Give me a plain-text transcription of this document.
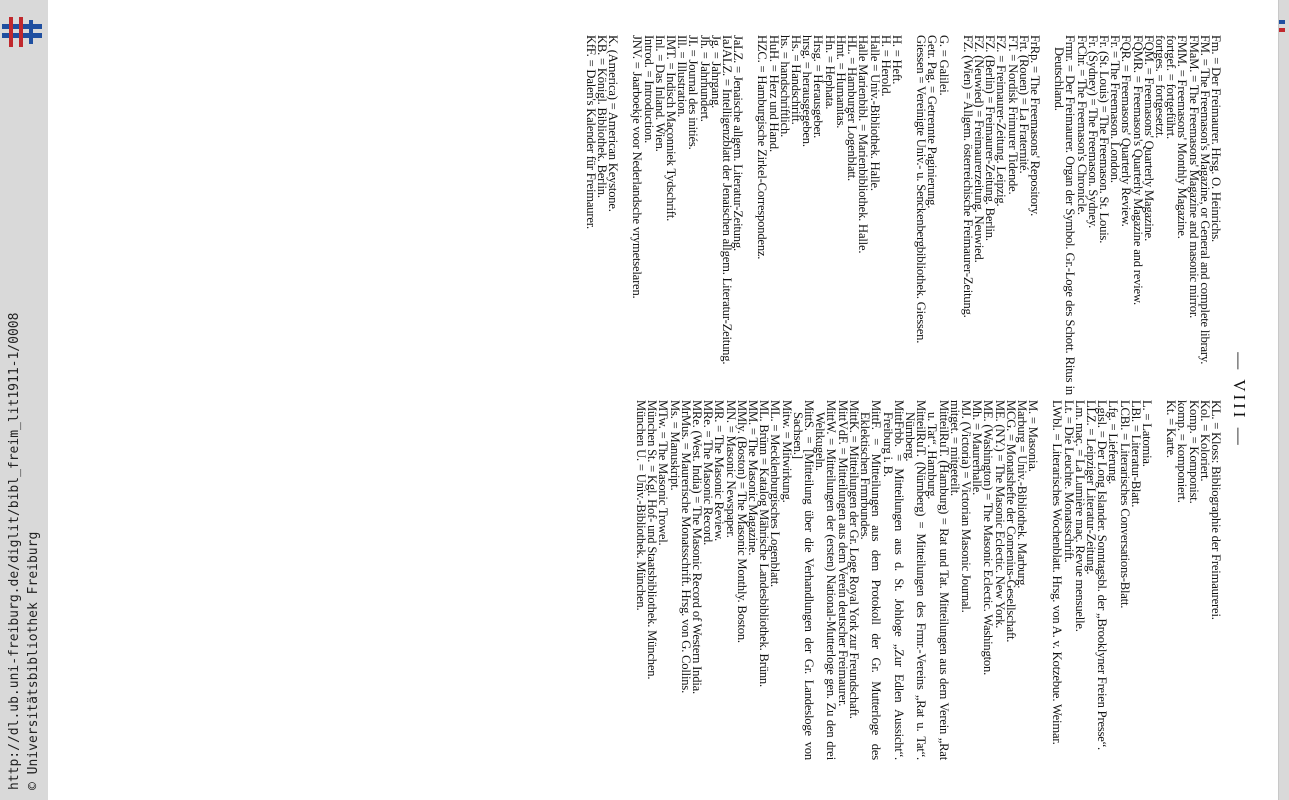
http://dl.ub.uni-freiburg.de/diglit/bibl_freim_lit1911-1/0008 © Universitätsbibliothek Freiburg
— VIII —

Fm. = Der Freimaurer. Hrsg. O. Heinrichs.

FM. = The Freemason's Magazine, or General and complete library.

FMaM. = The Freemasons' Magazine and masonic mirror.

FMM. = Freemasons' Monthly Magazine.

fortgef. = fortgeführt.

fortges. = fortgesetzt.

FQM. = Freemasons' Quarterly Magazine.

FQMR. = Freemason's Quarterly Magazine and review.

FQR. = Freemasons' Quarterly Review.

Fr. = The Freemason. London.

Fr. (St. Louis) = The Freemason. St. Louis.

Fr. (Sydney) = The Freemason. Sydney.

FrChr. = The Freemason's Chronicle.

Frmr. = Der Freimaurer. Organ der Symbol. Gr.-Loge des Schott. Ritus in Deutschland.

FrRp. = The Freemasons' Repository.

Frt. (Rouen) = La Fraternité.

FT. = Nordisk Frimurer Tidende.

FZ. = Freimaurer-Zeitung. Leipzig.

FZ. (Berlin) = Freimaurer-Zeitung. Berlin.

FZ. (Neuwied) = Freimaurerzeitung. Neuwied.

FZ. (Wien) = Allgem. österreichische Freimaurer-Zeitung.

G. = Galilei.

Getr. Pag. = Getrennte Paginierung.

Giessen = Vereinigte Univ.- u. Senckenbergbibliothek. Giessen.

H. = Heft.

H. = Herold.

Halle = Univ.-Bibliothek. Halle.

Halle Marienbibl. = Marienbibliothek. Halle.

HL. = Hamburger Logenblatt.

Hmt. = Humanitas.

Hn. = Hephata.

Hrsg. = Herausgeber.

hrsg. = herausgegeben.

Hs. = Handschrift.

hs. = handschriftlich.

HuH. = Herz und Hand.

HZC. = Hamburgische Zirkel-Correspondenz.

JaLZ. = Jenaische allgem. Literatur-Zeitung.

IaJALZ. = Intelligenzblatt der Jenaischen allgem. Literatur-Zeitung.

Jg. = Jahrgang.

Jh. = Jahrhundert.

JI. = Journal des initiés.

Ill. = Illustration.

IMT. = Indisch Maçonniek Tydschrift.

Inl. = Das Inland. Wien.

Introd. = Introduction.

JNV. = Jaarboekje voor Nederlandsche vrymetselaren.

K. (America) = American Keystone.

KB. = Königl. Bibliothek. Berlin.

KfF. = Dalen's Kalender für Freimaurer.

KL. = Kloss: Bibliographie der Freimaurerei.

Kol. = Koloriert.

Komp. = Komponist.

komp. = komponiert.

Kt. = Karte.

L. = Latomia.

LBl. = Literatur-Blatt.

LCBl. = Literarisches Conversations-Blatt.

Lfg. = Lieferung.

Lgisl. = Der Long Islander. Sonntagsbl. der „Brooklyner Freien Presse“.

LLZ. = Leipziger Literatur-Zeitung.

Lm. maç. = La Lumière maç. Revue mensuelle.

Lt. = Die Leuchte. Monatsschrift.

LWbl. = Literarisches Wochenblatt. Hrsg. von A. v. Kotzebue. Weimar.

M. = Masonia.

Marburg = Univ.-Bibliothek. Marburg.

MCG. = Monatshefte der Comenius-Gesellschaft.

ME. (NY.) = The Masonic Eclectic. New York.

ME. (Washington) = The Masonic Eclectic. Washington.

Mh. = Maurerhalle.

MJ. (Victoria) = Victorian Masonic Journal.

mitget. = mitgeteilt.

MitteilRuT. (Hamburg) = Rat und Tat. Mitteilungen aus dem Verein „Rat u. Tat“. Hamburg.

MitteilRuT. (Nürnberg) = Mitteilungen des Frmr.-Vereins „Rat u. Tat“. Nürnberg.

MittFrbb. = Mitteilungen aus d. St. Johloge „Zur Edlen Aussicht“. Freiburg i. B.

MittF. = Mitteilungen aus dem Protokoll der Gr. Mutterloge des Eklektischen Frmrbundes.

MittK. = Mitteilungen der Gr. Loge Royal York zur Freundschaft.

MittVdF. = Mitteilungen aus dem Verein deutscher Freimaurer.

MittW. = Mitteilungen der (ersten) National-Mutterloge gen. Zu den drei Weltkugeln.

MittS. = [Mitteilung über die Verhandlungen der Gr. Landesloge von Sachsen.]

Mitw. = Mitwirkung.

ML. = Mecklenburgisches Logenblatt.

ML. Brünn = Katalog Mährische Landesbibliothek. Brünn.

MM. = The Masonic Magazine.

MMly. (Boston) = The Masonic Monthly. Boston.

MN. = Masonic Newspaper.

MR. = The Masonic Review.

MRe. = The Masonic Record.

MRe. (West. India) = The Masonic Record of Western India.

MrMus. = Maurerische Monatsschrift. Hrsg. von G. Collins.

Ms. = Manuskript.

MTw. = The Masonic Trowel.

München St. = Kgl. Hof- und Staatsbibliothek. München.

München U. = Univ.-Bibliothek. München.
